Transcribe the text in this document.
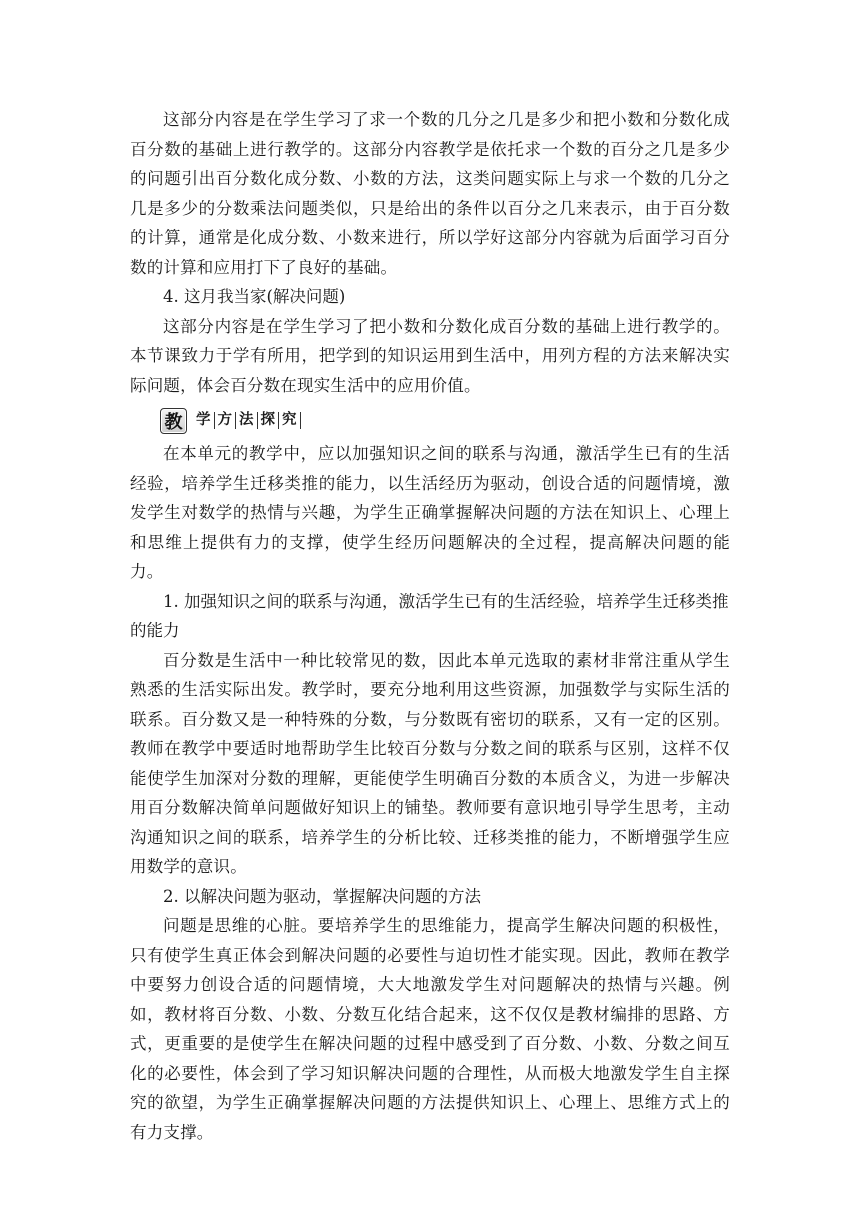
这部分内容是在学生学习了求一个数的几分之几是多少和把小数和分数化成百分数的基础上进行教学的。这部分内容教学是依托求一个数的百分之几是多少的问题引出百分数化成分数、小数的方法，这类问题实际上与求一个数的几分之几是多少的分数乘法问题类似，只是给出的条件以百分之几来表示，由于百分数的计算，通常是化成分数、小数来进行，所以学好这部分内容就为后面学习百分数的计算和应用打下了良好的基础。

4. 这月我当家(解决问题)

这部分内容是在学生学习了把小数和分数化成百分数的基础上进行教学的。本节课致力于学有所用，把学到的知识运用到生活中，用列方程的方法来解决实际问题，体会百分数在现实生活中的应用价值。

教 学 方 法 探 究

在本单元的教学中，应以加强知识之间的联系与沟通，激活学生已有的生活经验，培养学生迁移类推的能力，以生活经历为驱动，创设合适的问题情境，激发学生对数学的热情与兴趣，为学生正确掌握解决问题的方法在知识上、心理上和思维上提供有力的支撑，使学生经历问题解决的全过程，提高解决问题的能力。

1. 加强知识之间的联系与沟通，激活学生已有的生活经验，培养学生迁移类推的能力

百分数是生活中一种比较常见的数，因此本单元选取的素材非常注重从学生熟悉的生活实际出发。教学时，要充分地利用这些资源，加强数学与实际生活的联系。百分数又是一种特殊的分数，与分数既有密切的联系，又有一定的区别。教师在教学中要适时地帮助学生比较百分数与分数之间的联系与区别，这样不仅能使学生加深对分数的理解，更能使学生明确百分数的本质含义，为进一步解决用百分数解决简单问题做好知识上的铺垫。教师要有意识地引导学生思考，主动沟通知识之间的联系，培养学生的分析比较、迁移类推的能力，不断增强学生应用数学的意识。

2. 以解决问题为驱动，掌握解决问题的方法

问题是思维的心脏。要培养学生的思维能力，提高学生解决问题的积极性，只有使学生真正体会到解决问题的必要性与迫切性才能实现。因此，教师在教学中要努力创设合适的问题情境，大大地激发学生对问题解决的热情与兴趣。例如，教材将百分数、小数、分数互化结合起来，这不仅仅是教材编排的思路、方式，更重要的是使学生在解决问题的过程中感受到了百分数、小数、分数之间互化的必要性，体会到了学习知识解决问题的合理性，从而极大地激发学生自主探究的欲望，为学生正确掌握解决问题的方法提供知识上、心理上、思维方式上的有力支撑。
